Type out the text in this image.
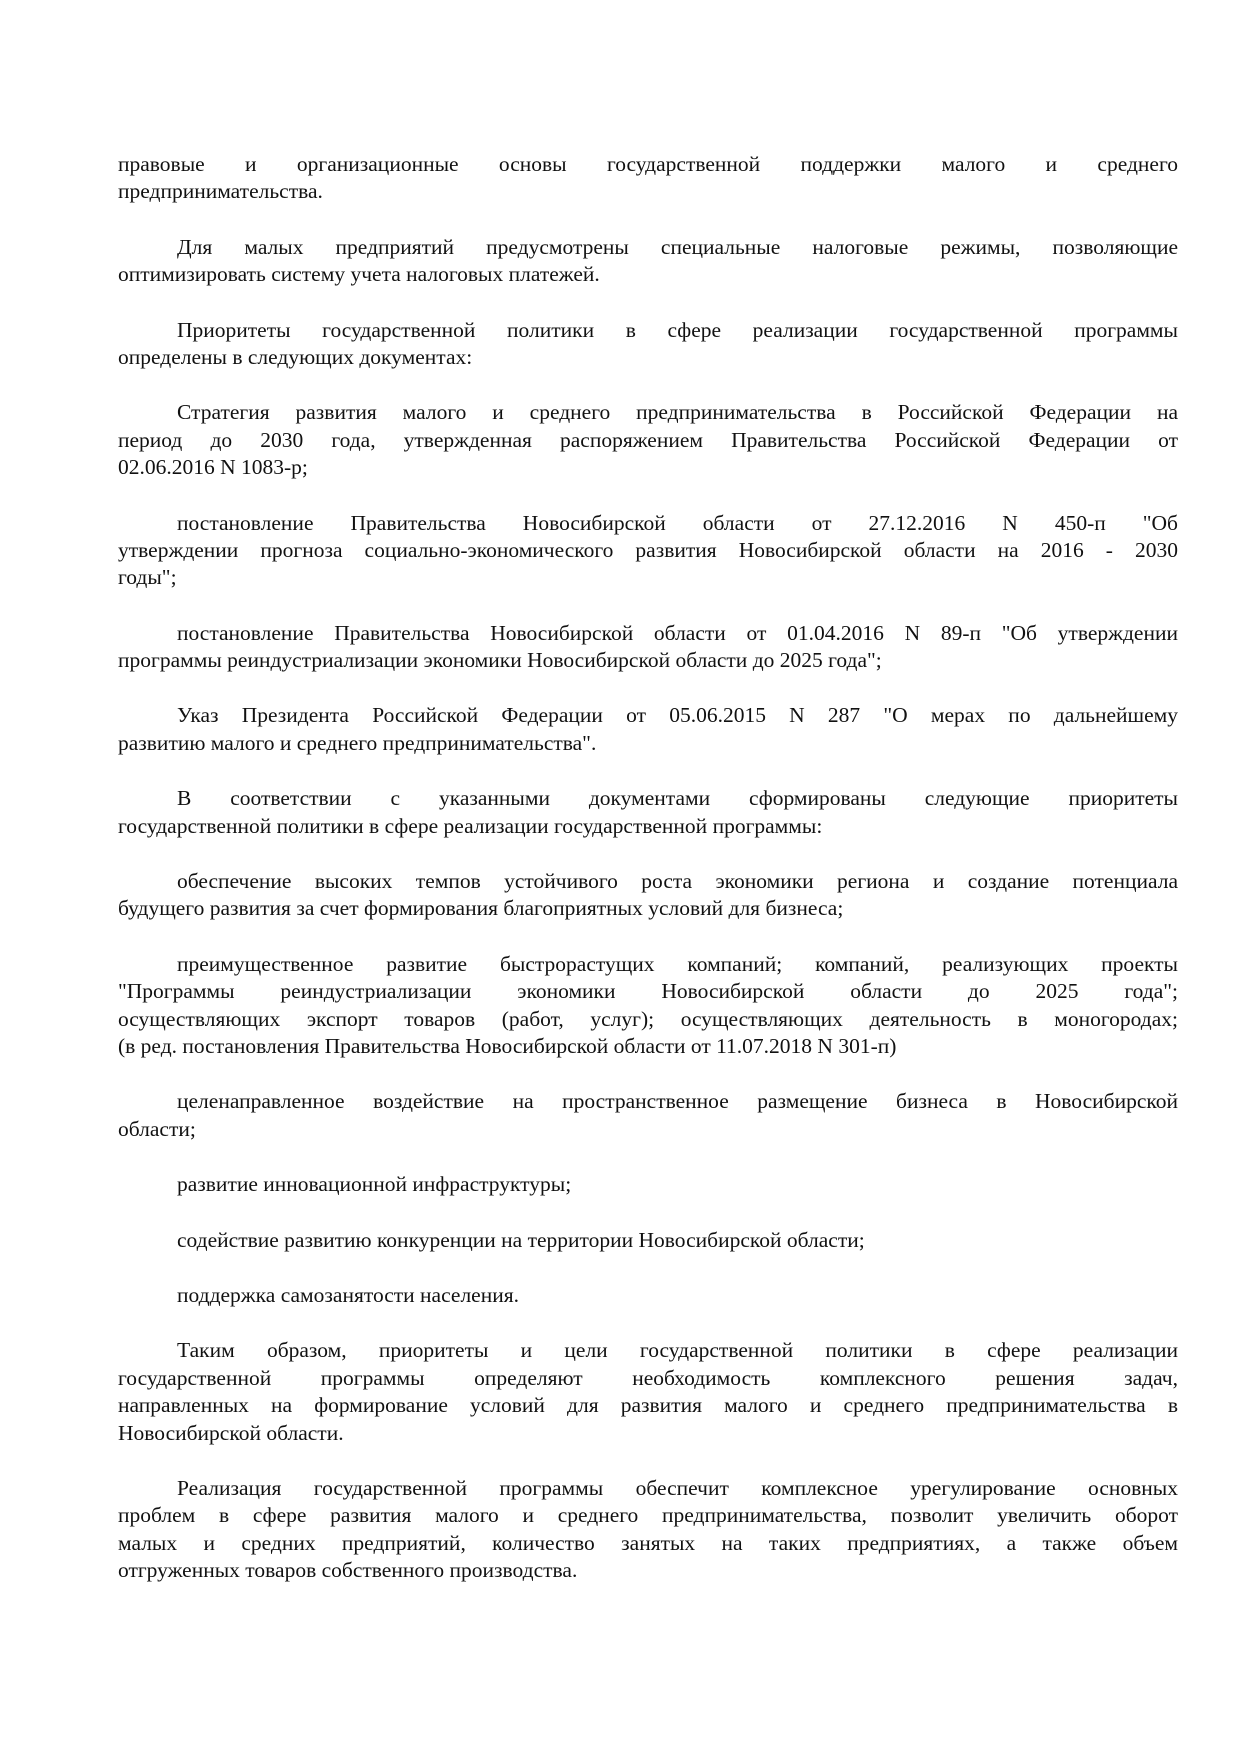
правовые и организационные основы государственной поддержки малого и среднего
предпринимательства.
Для малых предприятий предусмотрены специальные налоговые режимы, позволяющие
оптимизировать систему учета налоговых платежей.
Приоритеты государственной политики в сфере реализации государственной программы
определены в следующих документах:
Стратегия развития малого и среднего предпринимательства в Российской Федерации на
период до 2030 года, утвержденная распоряжением Правительства Российской Федерации от
02.06.2016 N 1083-р;
постановление Правительства Новосибирской области от 27.12.2016 N 450-п "Об
утверждении прогноза социально-экономического развития Новосибирской области на 2016 - 2030
годы";
постановление Правительства Новосибирской области от 01.04.2016 N 89-п "Об утверждении
программы реиндустриализации экономики Новосибирской области до 2025 года";
Указ Президента Российской Федерации от 05.06.2015 N 287 "О мерах по дальнейшему
развитию малого и среднего предпринимательства".
В соответствии с указанными документами сформированы следующие приоритеты
государственной политики в сфере реализации государственной программы:
обеспечение высоких темпов устойчивого роста экономики региона и создание потенциала
будущего развития за счет формирования благоприятных условий для бизнеса;
преимущественное развитие быстрорастущих компаний; компаний, реализующих проекты
"Программы реиндустриализации экономики Новосибирской области до 2025 года";
осуществляющих экспорт товаров (работ, услуг); осуществляющих деятельность в моногородах;
(в ред. постановления Правительства Новосибирской области от 11.07.2018 N 301-п)
целенаправленное воздействие на пространственное размещение бизнеса в Новосибирской
области;
развитие инновационной инфраструктуры;
содействие развитию конкуренции на территории Новосибирской области;
поддержка самозанятости населения.
Таким образом, приоритеты и цели государственной политики в сфере реализации
государственной программы определяют необходимость комплексного решения задач,
направленных на формирование условий для развития малого и среднего предпринимательства в
Новосибирской области.
Реализация государственной программы обеспечит комплексное урегулирование основных
проблем в сфере развития малого и среднего предпринимательства, позволит увеличить оборот
малых и средних предприятий, количество занятых на таких предприятиях, а также объем
отгруженных товаров собственного производства.
